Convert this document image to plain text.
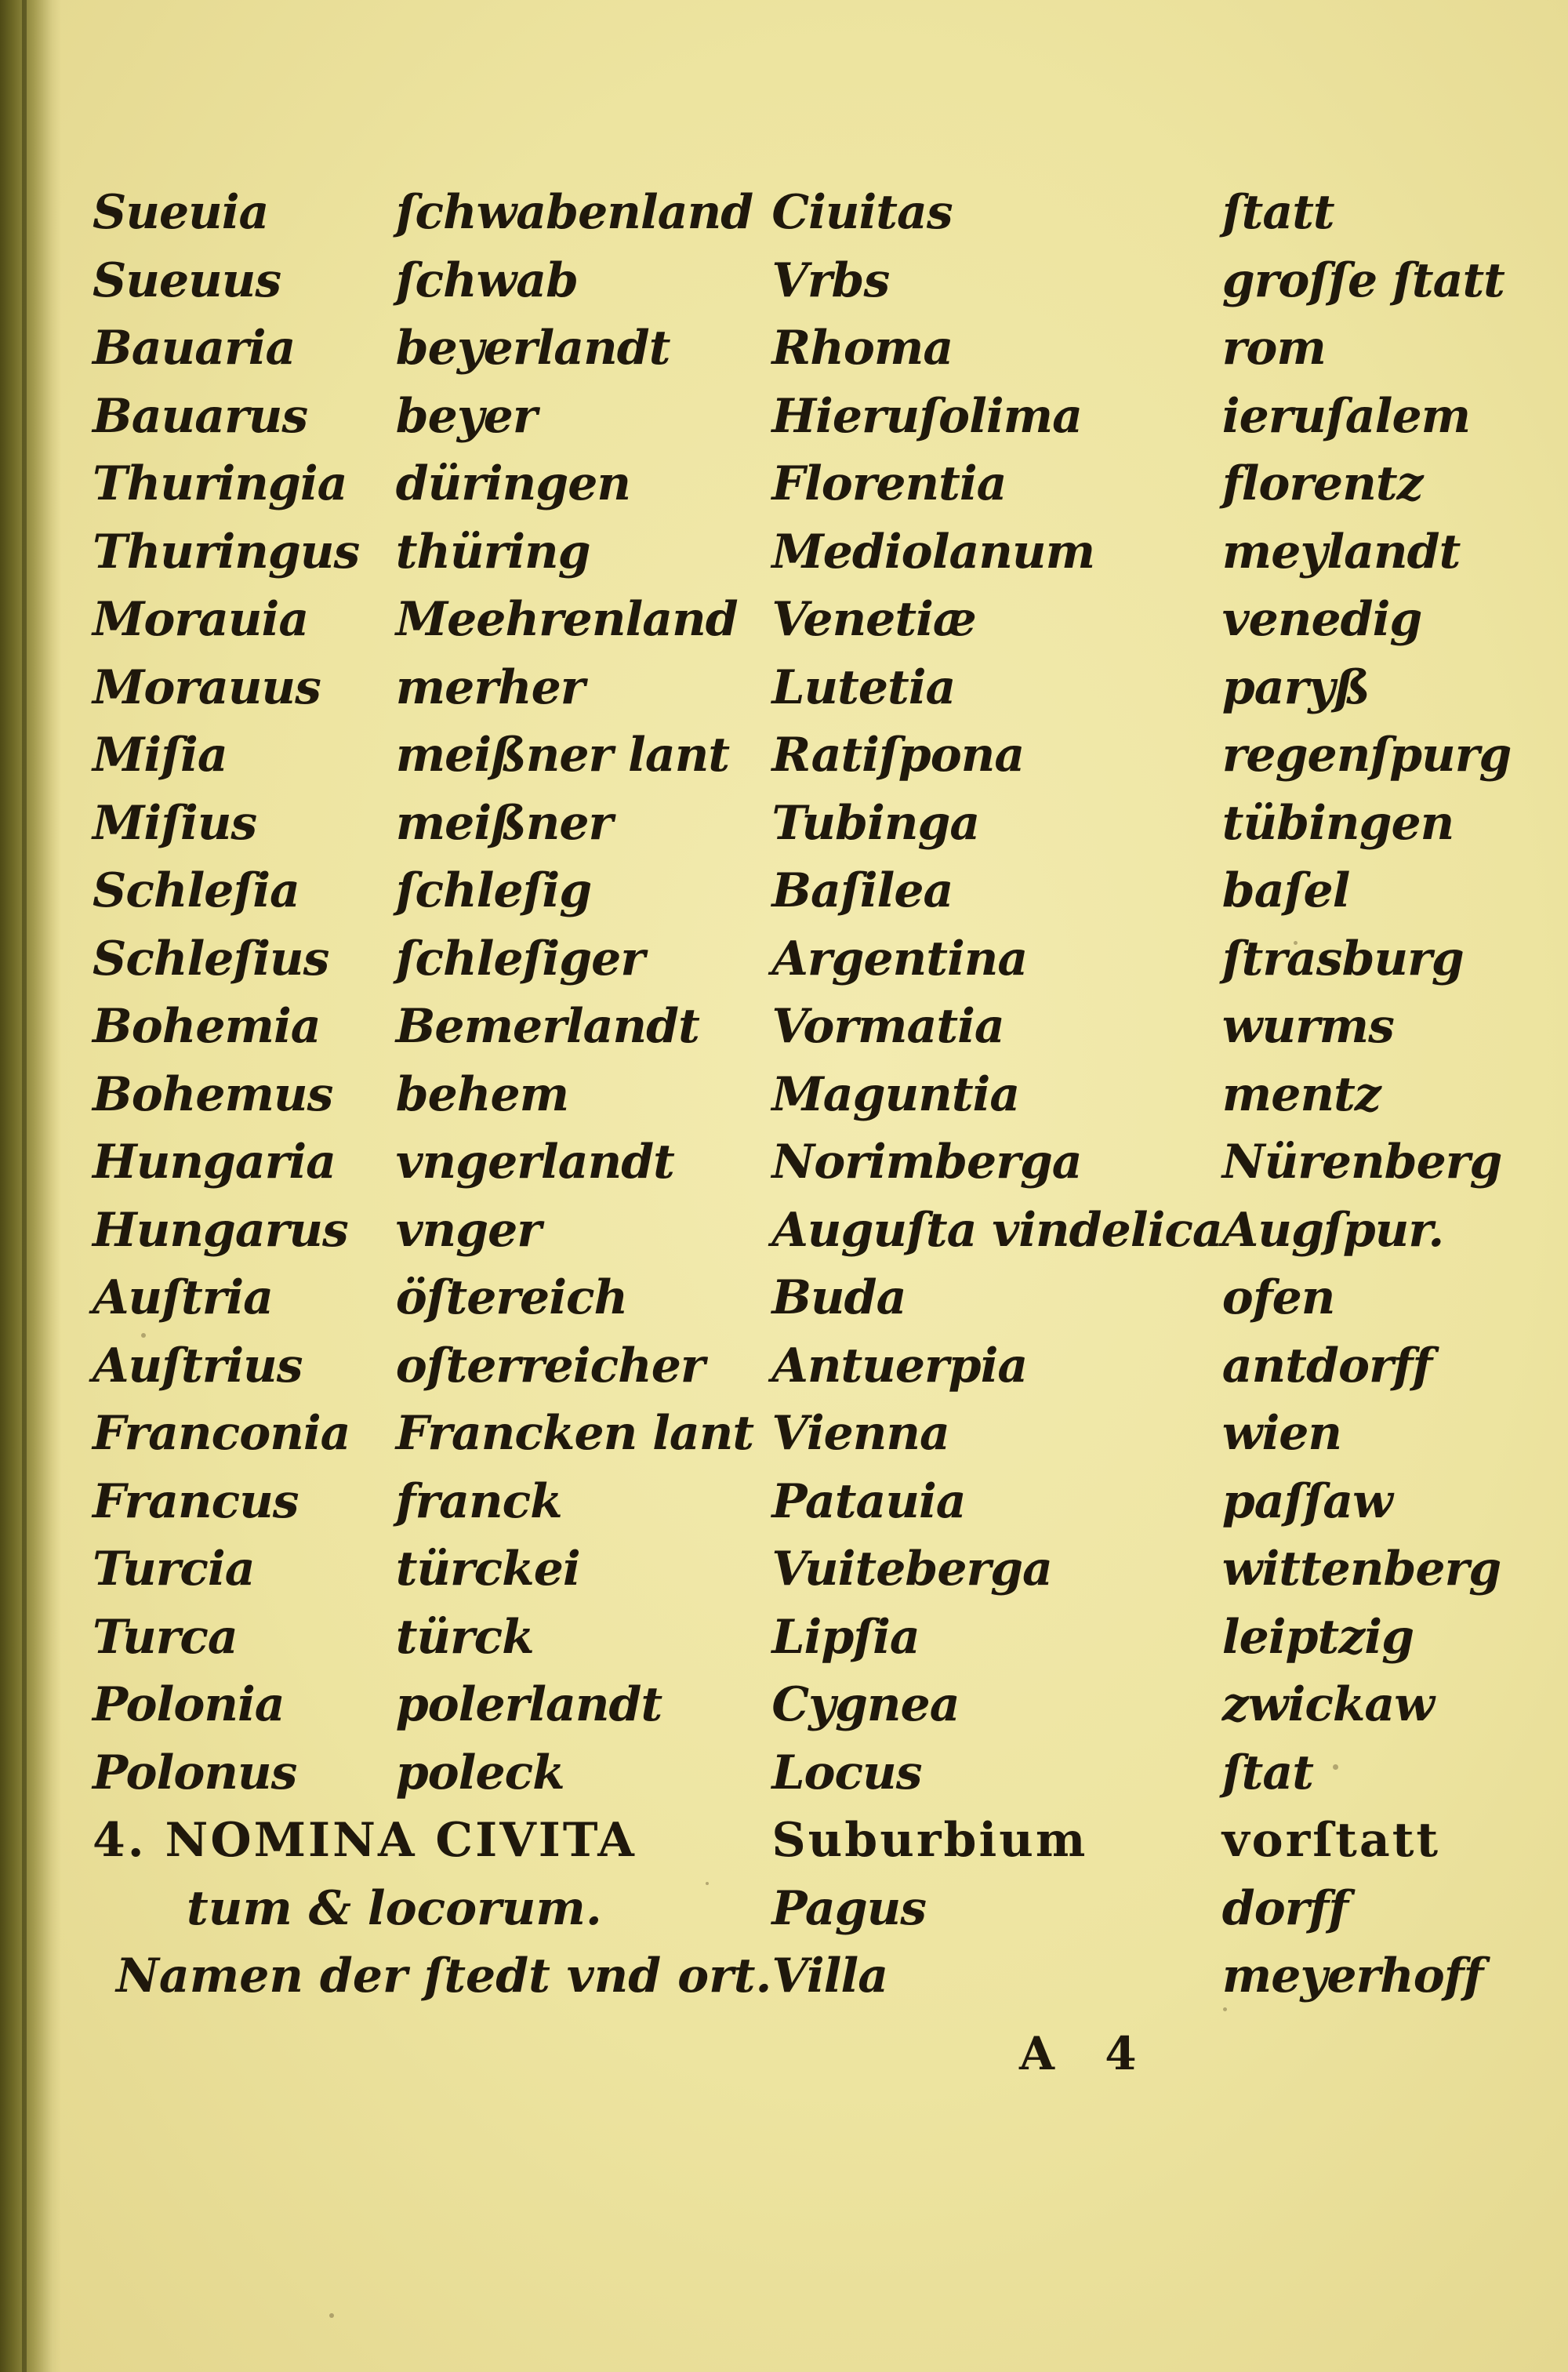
Sueuia	ſchwabenland	Ciuitas	ſtatt
Sueuus	ſchwab	Vrbs	groſſe ſtatt
Bauaria	beyerlandt	Rhoma	rom
Bauarus	beyer	Hieruſolima	ieruſalem
Thuringia	düringen	Florentia	florentz
Thuringus	thüring	Mediolanum	meylandt
Morauia	Meehrenland	Venetiæ	venedig
Morauus	merher	Lutetia	paryß
Miſia	meißner lant	Ratiſpona	regenſpurg
Miſius	meißner	Tubinga	tübingen
Schleſia	ſchleſig	Baſilea	baſel
Schleſius	ſchleſiger	Argentina	ſtrasburg
Bohemia	Bemerlandt	Vormatia	wurms
Bohemus	behem	Maguntia	mentz
Hungaria	vngerlandt	Norimberga	Nürenberg
Hungarus	vnger	Auguſta vindelica	Augſpur.
Auſtria	öſtereich	Buda	ofen
Auſtrius	oſterreicher	Antuerpia	antdorff
Franconia	Francken lant	Vienna	wien
Francus	franck	Patauia	paſſaw
Turcia	türckei	Vuiteberga	wittenberg
Turca	türck	Lipſia	leiptzig
Polonia	polerlandt	Cygnea	zwickaw
Polonus	poleck	Locus	ſtat
4. NOMINA CIVITA		Suburbium	vorſtatt
tum & locorum.		Pagus	dorff
Namen der ſtedt vnd ort.		Villa	meyerhoff
A 4
